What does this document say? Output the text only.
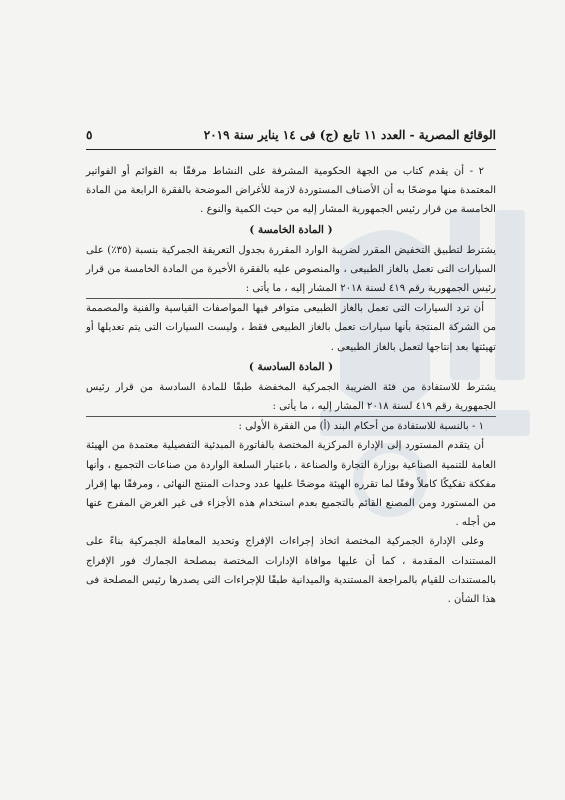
الوقائع المصرية - العدد ١١ تابع (ج) فى ١٤ يناير سنة ٢٠١٩
٥

٢ - أن يقدم كتاب من الجهة الحكومية المشرفة على النشاط مرفقًا به القوائم أو الفواتير المعتمدة منها موضحًا به أن الأصناف المستوردة لازمة للأغراض الموضحة بالفقرة الرابعة من المادة الخامسة من قرار رئيس الجمهورية المشار إليه من حيث الكمية والنوع .

( المادة الخامسة )

يشترط لتطبيق التخفيض المقرر لضريبة الوارد المقررة بجدول التعريفة الجمركية بنسبة (٣٥٪) على السيارات التى تعمل بالغاز الطبيعى ، والمنصوص عليه بالفقرة الأخيرة من المادة الخامسة من قرار رئيس الجمهورية رقم ٤١٩ لسنة ٢٠١٨ المشار إليه ، ما يأتى :

أن ترد السيارات التى تعمل بالغاز الطبيعى متوافر فيها المواصفات القياسية والفنية والمصممة من الشركة المنتجة بأنها سيارات تعمل بالغاز الطبيعى فقط ، وليست السيارات التى يتم تعديلها أو تهيئتها بعد إنتاجها لتعمل بالغاز الطبيعى .

( المادة السادسة )

يشترط للاستفادة من فئة الضريبة الجمركية المخفضة طبقًا للمادة السادسة من قرار رئيس الجمهورية رقم ٤١٩ لسنة ٢٠١٨ المشار إليه ، ما يأتى :

١ - بالنسبة للاستفادة من أحكام البند (أ) من الفقرة الأولى :

أن يتقدم المستورد إلى الإدارة المركزية المختصة بالفاتورة المبدئية التفصيلية معتمدة من الهيئة العامة للتنمية الصناعية بوزارة التجارة والصناعة ، باعتبار السلعة الواردة من صناعات التجميع ، وأنها مفككة تفكيكًا كاملاً وفقًا لما تقرره الهيئة موضحًا عليها عدد وحدات المنتج النهائى ، ومرفقًا بها إقرار من المستورد ومن المصنع القائم بالتجميع بعدم استخدام هذه الأجزاء فى غير الغرض المفرج عنها من أجله .

وعلى الإدارة الجمركية المختصة اتخاذ إجراءات الإفراج وتحديد المعاملة الجمركية بناءً على المستندات المقدمة ، كما أن عليها موافاة الإدارات المختصة بمصلحة الجمارك فور الإفراج بالمستندات للقيام بالمراجعة المستندية والميدانية طبقًا للإجراءات التى يصدرها رئيس المصلحة فى هذا الشأن .
